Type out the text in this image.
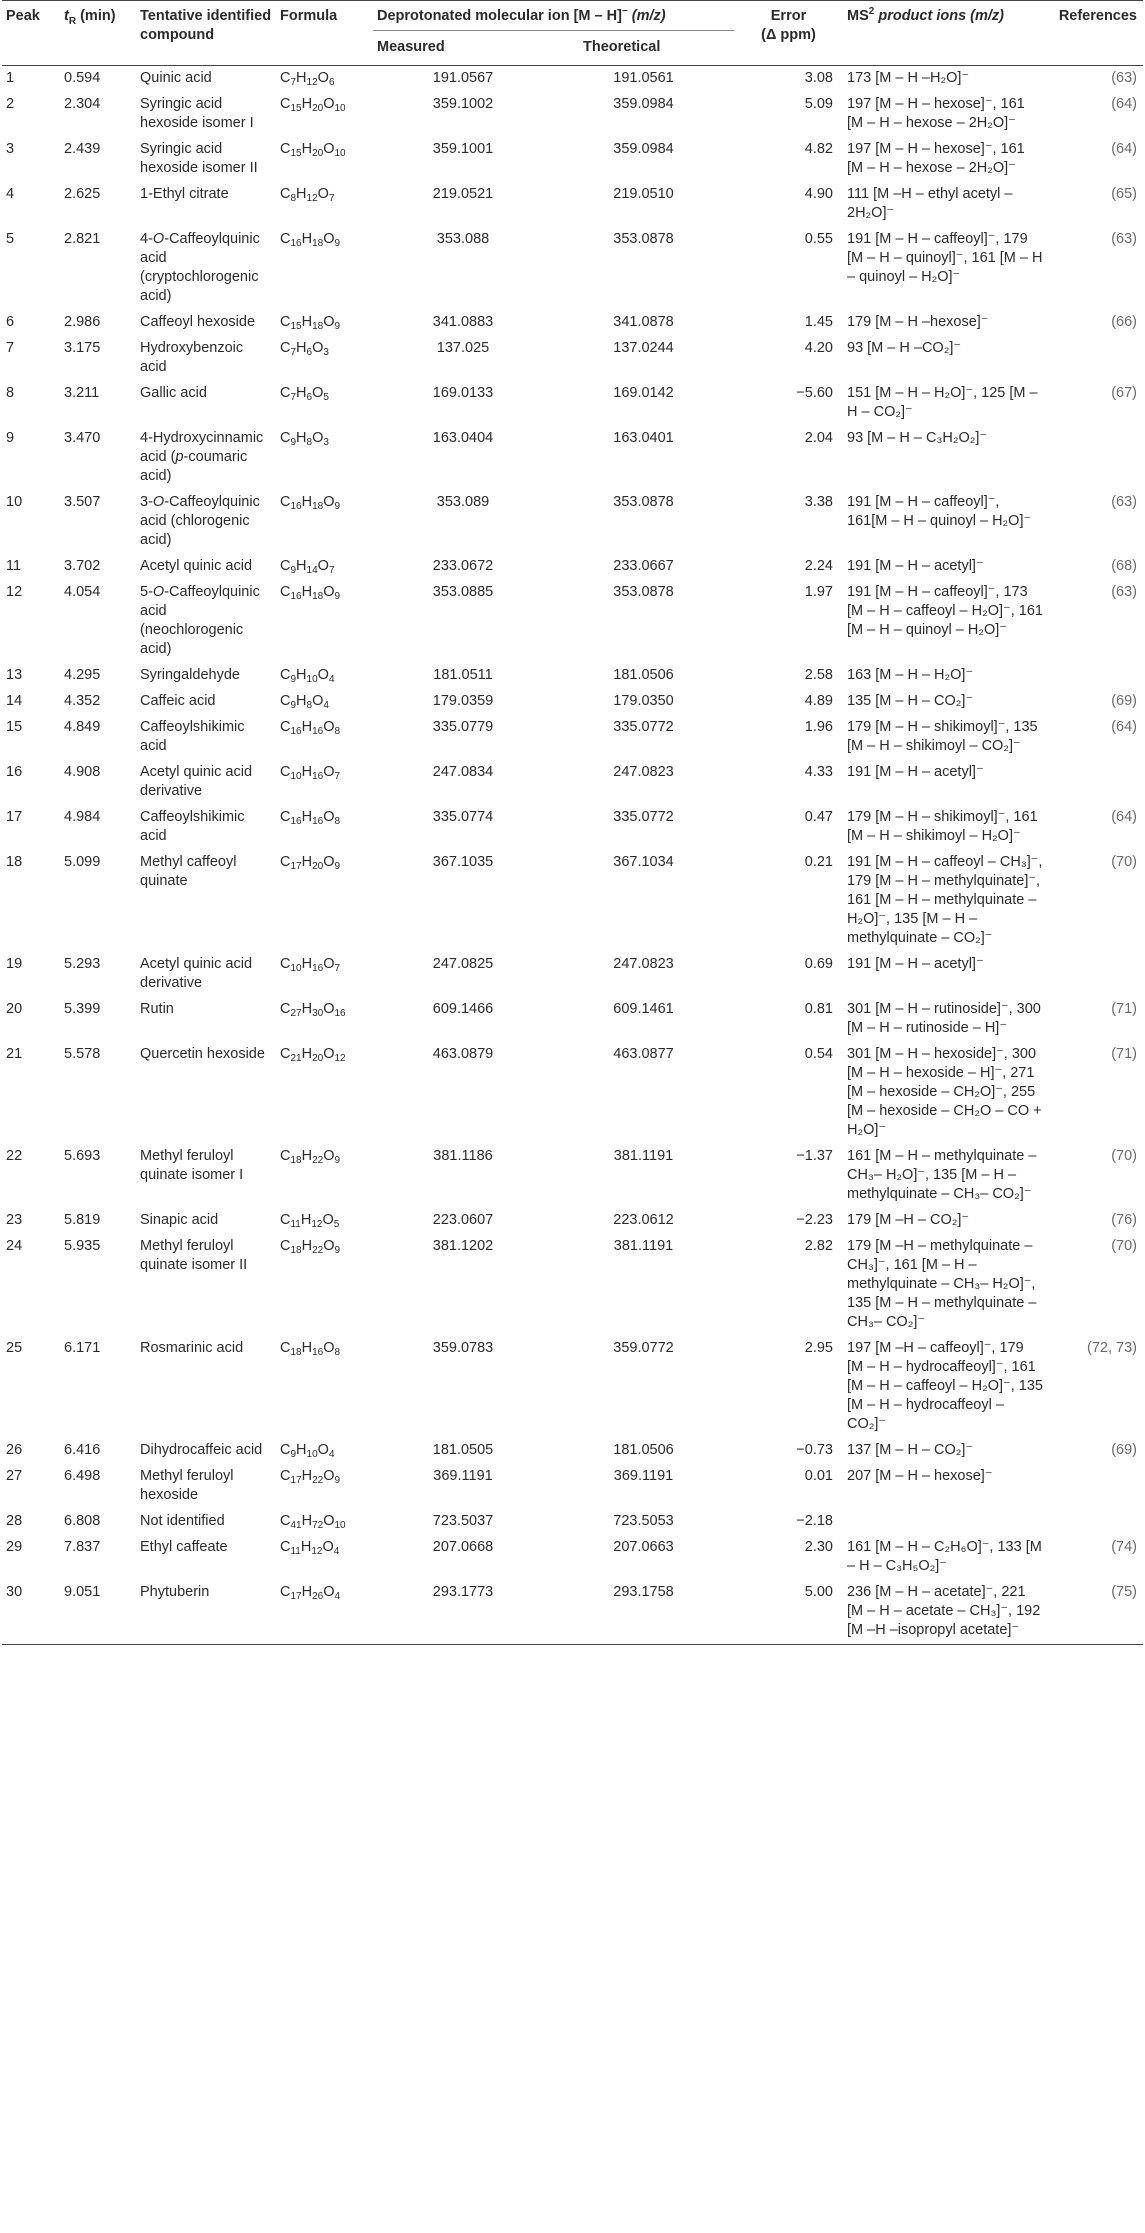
Peak	$t_R$ (min)	Tentative identified compound	Formula	Deprotonated molecular ion [M – H]− (m/z)		Error
(Δ ppm)	$MS^2$ product ions (m/z)	References
				Measured	Theoretical			
1	0.594	Quinic acid	$C_7H_{12}O_6$	191.0567	191.0561	3.08	173 [M – H –H₂O]⁻	(63)
2	2.304	Syringic acid hexoside isomer I	$C_{15}H_{20}O_{10}$	359.1002	359.0984	5.09	197 [M – H – hexose]⁻, 161 [M – H – hexose – 2H₂O]⁻	(64)
3	2.439	Syringic acid hexoside isomer II	$C_{15}H_{20}O_{10}$	359.1001	359.0984	4.82	197 [M – H – hexose]⁻, 161 [M – H – hexose – 2H₂O]⁻	(64)
4	2.625	1-Ethyl citrate	$C_8H_{12}O_7$	219.0521	219.0510	4.90	111 [M –H – ethyl acetyl – 2H₂O]⁻	(65)
5	2.821	4-O-Caffeoylquinic acid (cryptochlorogenic acid)	$C_{16}H_{18}O_9$	353.088	353.0878	0.55	191 [M – H – caffeoyl]⁻, 179 [M – H – quinoyl]⁻, 161 [M – H – quinoyl – H₂O]⁻	(63)
6	2.986	Caffeoyl hexoside	$C_{15}H_{18}O_9$	341.0883	341.0878	1.45	179 [M – H –hexose]⁻	(66)
7	3.175	Hydroxybenzoic acid	$C_7H_6O_3$	137.025	137.0244	4.20	93 [M – H –CO₂]⁻	
8	3.211	Gallic acid	$C_7H_6O_5$	169.0133	169.0142	−5.60	151 [M – H – H₂O]⁻, 125 [M – H – CO₂]⁻	(67)
9	3.470	4-Hydroxycinnamic acid (p-coumaric acid)	$C_9H_8O_3$	163.0404	163.0401	2.04	93 [M – H – C₃H₂O₂]⁻	
10	3.507	3-O-Caffeoylquinic acid (chlorogenic acid)	$C_{16}H_{18}O_9$	353.089	353.0878	3.38	191 [M – H – caffeoyl]⁻, 161[M – H – quinoyl – H₂O]⁻	(63)
11	3.702	Acetyl quinic acid	$C_9H_{14}O_7$	233.0672	233.0667	2.24	191 [M – H – acetyl]⁻	(68)
12	4.054	5-O-Caffeoylquinic acid (neochlorogenic acid)	$C_{16}H_{18}O_9$	353.0885	353.0878	1.97	191 [M – H – caffeoyl]⁻, 173 [M – H – caffeoyl – H₂O]⁻, 161 [M – H – quinoyl – H₂O]⁻	(63)
13	4.295	Syringaldehyde	$C_9H_{10}O_4$	181.0511	181.0506	2.58	163 [M – H – H₂O]⁻	
14	4.352	Caffeic acid	$C_9H_8O_4$	179.0359	179.0350	4.89	135 [M – H – CO₂]⁻	(69)
15	4.849	Caffeoylshikimic acid	$C_{16}H_{16}O_8$	335.0779	335.0772	1.96	179 [M – H – shikimoyl]⁻, 135 [M – H – shikimoyl – CO₂]⁻	(64)
16	4.908	Acetyl quinic acid derivative	$C_{10}H_{16}O_7$	247.0834	247.0823	4.33	191 [M – H – acetyl]⁻	
17	4.984	Caffeoylshikimic acid	$C_{16}H_{16}O_8$	335.0774	335.0772	0.47	179 [M – H – shikimoyl]⁻, 161 [M – H – shikimoyl – H₂O]⁻	(64)
18	5.099	Methyl caffeoyl quinate	$C_{17}H_{20}O_9$	367.1035	367.1034	0.21	191 [M – H – caffeoyl – CH₃]⁻, 179 [M – H – methylquinate]⁻, 161 [M – H – methylquinate – H₂O]⁻, 135 [M – H – methylquinate – CO₂]⁻	(70)
19	5.293	Acetyl quinic acid derivative	$C_{10}H_{16}O_7$	247.0825	247.0823	0.69	191 [M – H – acetyl]⁻	
20	5.399	Rutin	$C_{27}H_{30}O_{16}$	609.1466	609.1461	0.81	301 [M – H – rutinoside]⁻, 300 [M – H – rutinoside – H]⁻	(71)
21	5.578	Quercetin hexoside	$C_{21}H_{20}O_{12}$	463.0879	463.0877	0.54	301 [M – H – hexoside]⁻, 300 [M – H – hexoside – H]⁻, 271 [M – hexoside – CH₂O]⁻, 255 [M – hexoside – CH₂O – CO + H₂O]⁻	(71)
22	5.693	Methyl feruloyl quinate isomer I	$C_{18}H_{22}O_9$	381.1186	381.1191	−1.37	161 [M – H – methylquinate – CH₃– H₂O]⁻, 135 [M – H – methylquinate – CH₃– CO₂]⁻	(70)
23	5.819	Sinapic acid	$C_{11}H_{12}O_5$	223.0607	223.0612	−2.23	179 [M –H – CO₂]⁻	(76)
24	5.935	Methyl feruloyl quinate isomer II	$C_{18}H_{22}O_9$	381.1202	381.1191	2.82	179 [M –H – methylquinate – CH₃]⁻, 161 [M – H – methylquinate – CH₃– H₂O]⁻, 135 [M – H – methylquinate – CH₃– CO₂]⁻	(70)
25	6.171	Rosmarinic acid	$C_{18}H_{16}O_8$	359.0783	359.0772	2.95	197 [M –H – caffeoyl]⁻, 179 [M – H – hydrocaffeoyl]⁻, 161 [M – H – caffeoyl – H₂O]⁻, 135 [M – H – hydrocaffeoyl – CO₂]⁻	(72, 73)
26	6.416	Dihydrocaffeic acid	$C_9H_{10}O_4$	181.0505	181.0506	−0.73	137 [M – H – CO₂]⁻	(69)
27	6.498	Methyl feruloyl hexoside	$C_{17}H_{22}O_9$	369.1191	369.1191	0.01	207 [M – H – hexose]⁻	
28	6.808	Not identified	$C_{41}H_{72}O_{10}$	723.5037	723.5053	−2.18		
29	7.837	Ethyl caffeate	$C_{11}H_{12}O_4$	207.0668	207.0663	2.30	161 [M – H – C₂H₆O]⁻, 133 [M – H – C₃H₅O₂]⁻	(74)
30	9.051	Phytuberin	$C_{17}H_{26}O_4$	293.1773	293.1758	5.00	236 [M – H – acetate]⁻, 221 [M – H – acetate – CH₃]⁻, 192 [M –H –isopropyl acetate]⁻	(75)
